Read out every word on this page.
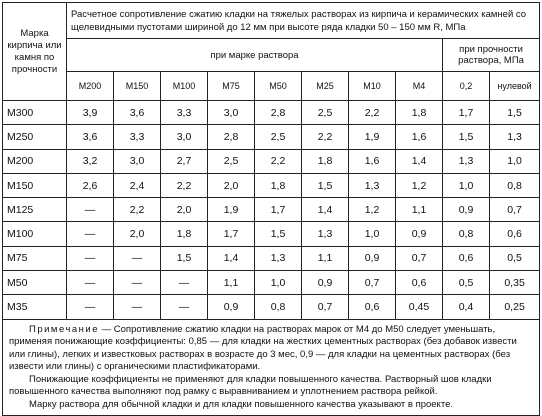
Марка кирпича или камня по прочности	Расчетное сопротивление сжатию кладки на тяжелых растворах из кирпича и керамических камней со щелевидными пустотами шириной до 12 мм при высоте ряда кладки 50 – 150 мм R, МПа									
	при марке раствора								при прочности раствора, МПа	
	М200	М150	М100	М75	М50	М25	М10	М4	0,2	нулевой
М300	3,9	3,6	3,3	3,0	2,8	2,5	2,2	1,8	1,7	1,5
М250	3,6	3,3	3,0	2,8	2,5	2,2	1,9	1,6	1,5	1,3
М200	3,2	3,0	2,7	2,5	2,2	1,8	1,6	1,4	1,3	1,0
М150	2,6	2,4	2,2	2,0	1,8	1,5	1,3	1,2	1,0	0,8
М125	—	2,2	2,0	1,9	1,7	1,4	1,2	1,1	0,9	0,7
М100	—	2,0	1,8	1,7	1,5	1,3	1,0	0,9	0,8	0,6
М75	—	—	1,5	1,4	1,3	1,1	0,9	0,7	0,6	0,5
М50	—	—	—	1,1	1,0	0,9	0,7	0,6	0,5	0,35
М35	—	—	—	0,9	0,8	0,7	0,6	0,45	0,4	0,25

Примечание — Сопротивление сжатию кладки на растворах марок от М4 до М50 следует уменьшать, применяя понижающие коэффициенты: 0,85 — для кладки на жестких цементных растворах (без добавок извести или глины), легких и известковых растворах в возрасте до 3 мес, 0,9 — для кладки на цементных растворах (без извести или глины) с органическими пластификаторами.

Понижающие коэффициенты не применяют для кладки повышенного качества. Растворный шов кладки повышенного качества выполняют под рамку с выравниванием и уплотнением раствора рейкой.

Марку раствора для обычной кладки и для кладки повышенного качества указывают в проекте.										
